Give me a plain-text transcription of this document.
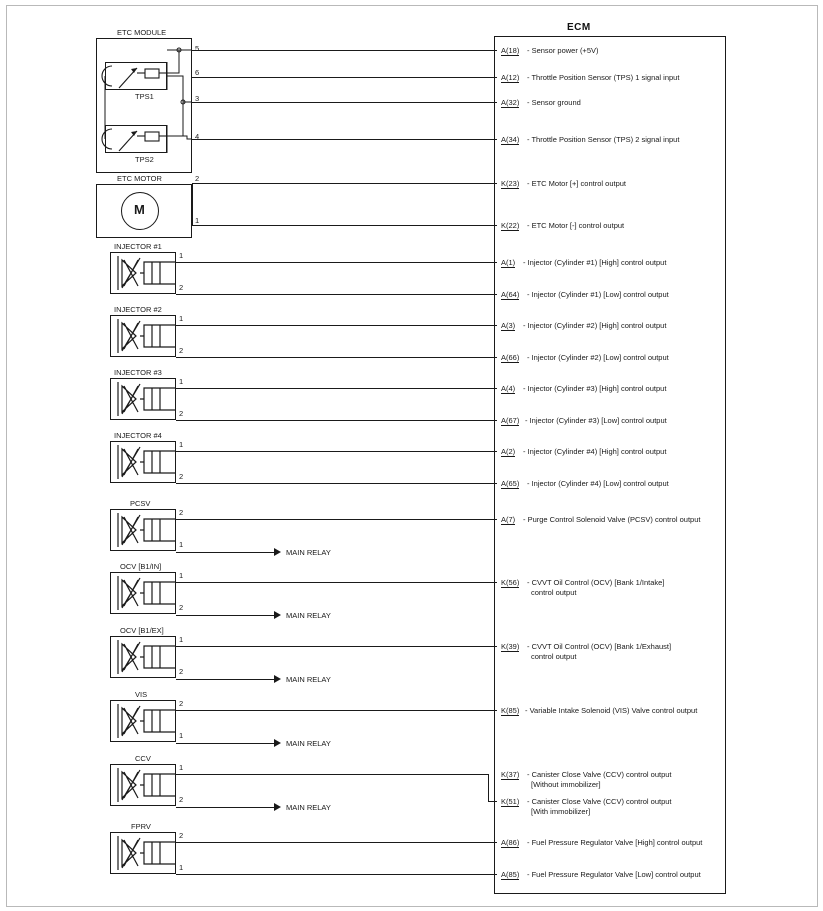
ECM
ETC MODULE
TPS1
TPS2
ETC MOTOR
M
5
6
3
4
2
1
A(18) - Sensor power (+5V)
A(12) - Throttle Position Sensor (TPS) 1 signal input
A(32) - Sensor ground
A(34) - Throttle Position Sensor (TPS) 2 signal input
K(23) - ETC Motor [+] control output
K(22) - ETC Motor [-] control output
INJECTOR #1
1
2
A(1) - Injector (Cylinder #1) [High] control output
A(64) - Injector (Cylinder #1) [Low] control output
INJECTOR #2
1
2
A(3) - Injector (Cylinder #2) [High] control output
A(66) - Injector (Cylinder #2) [Low] control output
INJECTOR #3
1
2
A(4) - Injector (Cylinder #3) [High] control output
A(67) - Injector (Cylinder #3) [Low] control output
INJECTOR #4
1
2
A(2) - Injector (Cylinder #4) [High] control output
A(65) - Injector (Cylinder #4) [Low] control output
PCSV
2
1
MAIN RELAY
A(7) - Purge Control Solenoid Valve (PCSV) control output
OCV [B1/IN]
1
2
MAIN RELAY
K(56) - CVVT Oil Control (OCV) [Bank 1/Intake]
control output
OCV [B1/EX]
1
2
MAIN RELAY
K(39) - CVVT Oil Control (OCV) [Bank 1/Exhaust]
control output
VIS
2
1
MAIN RELAY
K(85) - Variable Intake Solenoid (VIS) Valve control output
CCV
1
2
MAIN RELAY
K(37) - Canister Close Valve (CCV) control output
[Without immobilizer]
K(51) - Canister Close Valve (CCV) control output
[With immobilizer]
FPRV
2
1
A(86) - Fuel Pressure Regulator Valve [High] control output
A(85) - Fuel Pressure Regulator Valve [Low] control output
